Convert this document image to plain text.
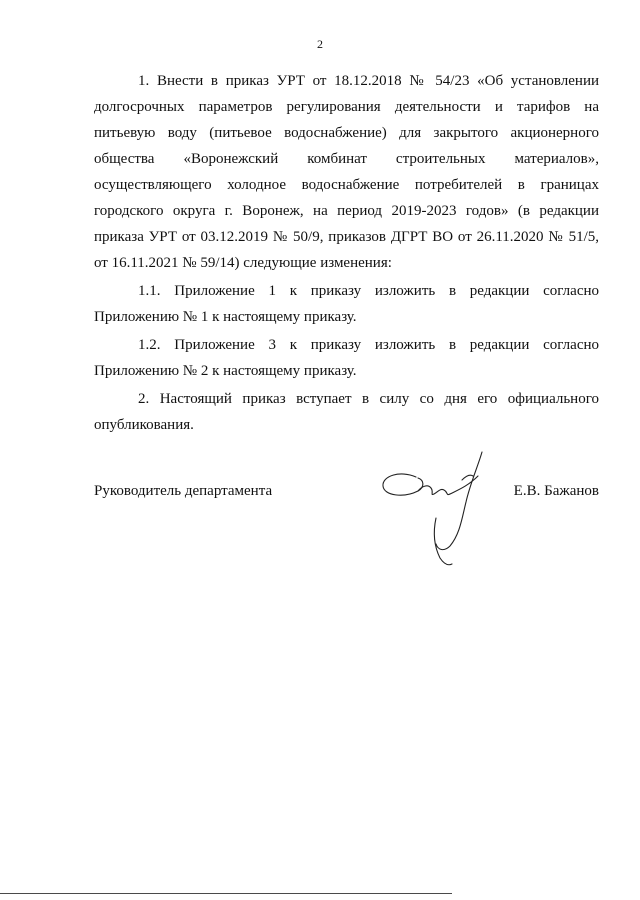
2

1. Внести в приказ УРТ от 18.12.2018 № 54/23 «Об установлении долгосрочных параметров регулирования деятельности и тарифов на питьевую воду (питьевое водоснабжение) для закрытого акционерного общества «Воронежский комбинат строительных материалов», осуществляющего холодное водоснабжение потребителей в границах городского округа г. Воронеж, на период 2019-2023 годов» (в редакции приказа УРТ от 03.12.2019 № 50/9, приказов ДГРТ ВО от 26.11.2020 № 51/5, от 16.11.2021 № 59/14) следующие изменения:

1.1. Приложение 1 к приказу изложить в редакции согласно Приложению № 1 к настоящему приказу.

1.2. Приложение 3 к приказу изложить в редакции согласно Приложению № 2 к настоящему приказу.

2. Настоящий приказ вступает в силу со дня его официального опубликования.

Руководитель департамента	Е.В. Бажанов
